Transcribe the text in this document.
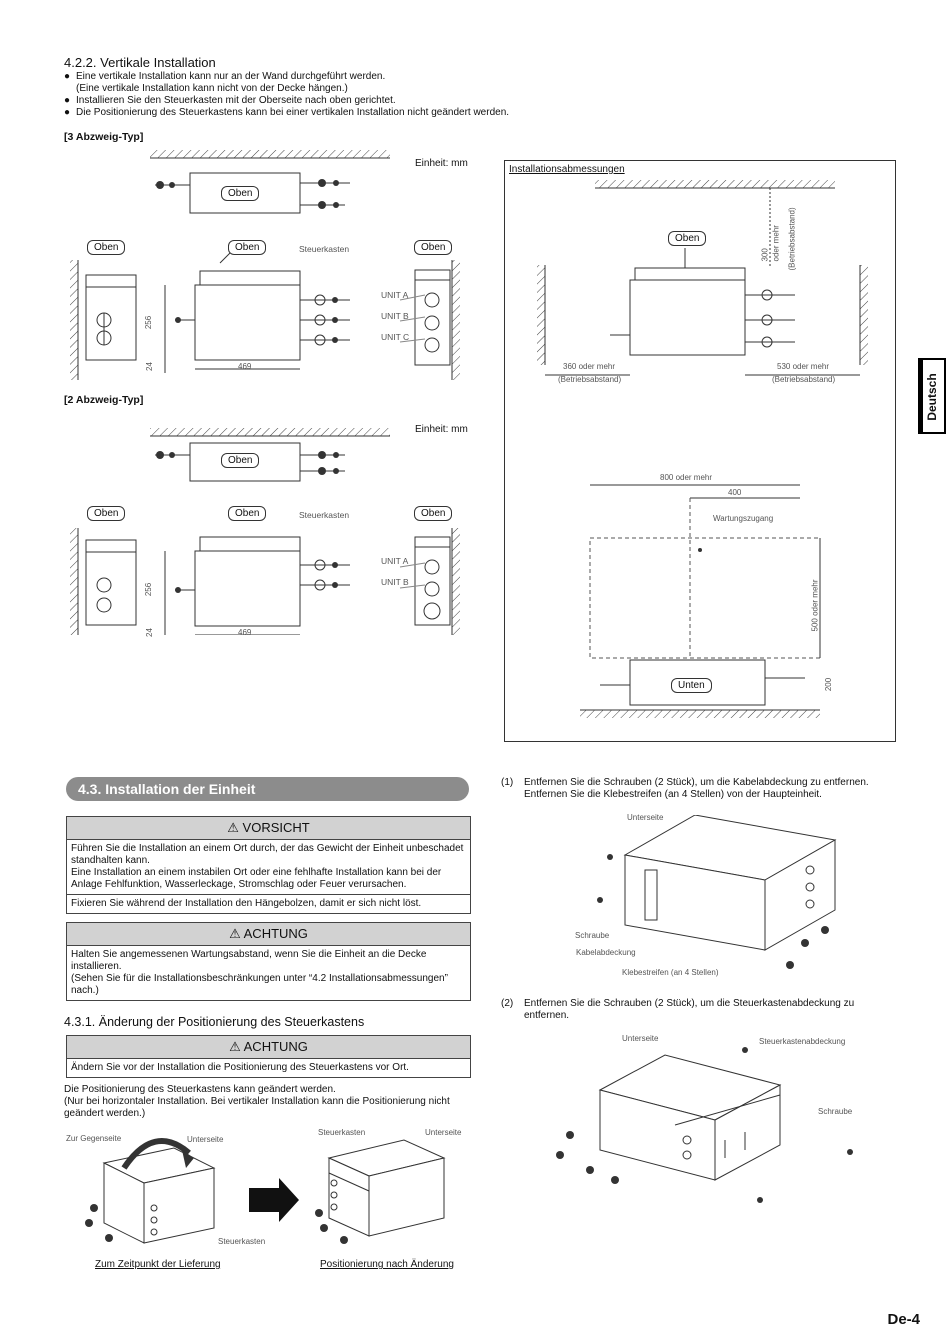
4.2.2. Vertikale Installation
● Eine vertikale Installation kann nur an der Wand durchgeführt werden.
(Eine vertikale Installation kann nicht von der Decke hängen.)
● Installieren Sie den Steuerkasten mit der Oberseite nach oben gerichtet.
● Die Positionierung des Steuerkastens kann bei einer vertikalen Installation nicht geändert werden.
[3 Abzweig-Typ]
[2 Abzweig-Typ]
Einheit: mm
Oben
Oben	Oben	Oben
Steuerkasten
UNIT A
UNIT B
UNIT C
256
24	469
Einheit: mm
Oben
Oben	Oben	Oben
Steuerkasten
UNIT A
UNIT B
256
24	469
Installationsabmessungen
Oben
300 oder mehr (Betriebsabstand)
360 oder mehr
(Betriebsabstand)
530 oder mehr
(Betriebsabstand)
800 oder mehr
400
Wartungszugang
500 oder mehr
200
Unten
Deutsch
4.3. Installation der Einheit
⚠ VORSICHT
Führen Sie die Installation an einem Ort durch, der das Gewicht der Einheit unbeschadet standhalten kann.
Eine Installation an einem instabilen Ort oder eine fehlhafte Installation kann bei der Anlage Fehlfunktion, Wasserleckage, Stromschlag oder Feuer verursachen.
Fixieren Sie während der Installation den Hängebolzen, damit er sich nicht löst.
⚠ ACHTUNG
Halten Sie angemessenen Wartungsabstand, wenn Sie die Einheit an die Decke installieren.
(Sehen Sie für die Installationsbeschränkungen unter “4.2 Installationsabmessungen” nach.)
4.3.1. Änderung der Positionierung des Steuerkastens
⚠ ACHTUNG
Ändern Sie vor der Installation die Positionierung des Steuerkastens vor Ort.
Die Positionierung des Steuerkastens kann geändert werden.
(Nur bei horizontaler Installation. Bei vertikaler Installation kann die Positionierung nicht geändert werden.)
Zur Gegenseite	Unterseite
Steuerkasten	Unterseite
Steuerkasten
Zum Zeitpunkt der Lieferung	Positionierung nach Änderung
(1) Entfernen Sie die Schrauben (2 Stück), um die Kabelabdeckung zu entfernen.
Entfernen Sie die Klebestreifen (an 4 Stellen) von der Haupteinheit.
Unterseite
Schraube
Kabelabdeckung
Klebestreifen (an 4 Stellen)
(2) Entfernen Sie die Schrauben (2 Stück), um die Steuerkastenabdeckung zu
entfernen.
Unterseite	Steuerkastenabdeckung
Schraube
De-4
